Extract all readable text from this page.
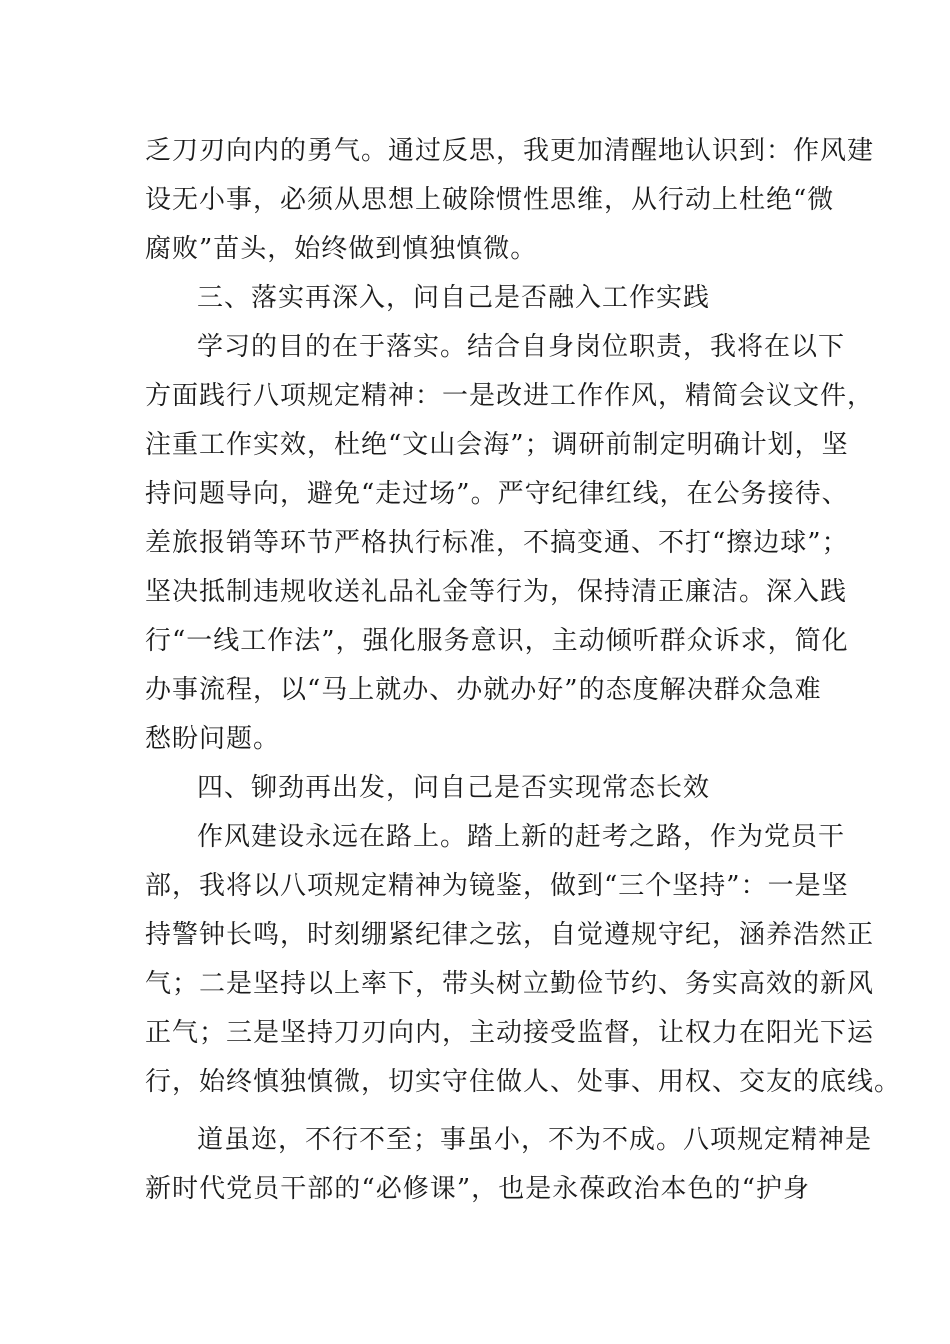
乏刀刃向内的勇气。通过反思，我更加清醒地认识到：作风建
设无小事，必须从思想上破除惯性思维，从行动上杜绝“微
腐败”苗头，始终做到慎独慎微。
三、落实再深入，问自己是否融入工作实践
学习的目的在于落实。结合自身岗位职责，我将在以下
方面践行八项规定精神：一是改进工作作风，精简会议文件，
注重工作实效，杜绝“文山会海”；调研前制定明确计划，坚
持问题导向，避免“走过场”。严守纪律红线，在公务接待、
差旅报销等环节严格执行标准，不搞变通、不打“擦边球”；
坚决抵制违规收送礼品礼金等行为，保持清正廉洁。深入践
行“一线工作法”，强化服务意识，主动倾听群众诉求，简化
办事流程，以“马上就办、办就办好”的态度解决群众急难
愁盼问题。
四、铆劲再出发，问自己是否实现常态长效
作风建设永远在路上。踏上新的赶考之路，作为党员干
部，我将以八项规定精神为镜鉴，做到“三个坚持”：一是坚
持警钟长鸣，时刻绷紧纪律之弦，自觉遵规守纪，涵养浩然正
气；二是坚持以上率下，带头树立勤俭节约、务实高效的新风
正气；三是坚持刀刃向内，主动接受监督，让权力在阳光下运
行，始终慎独慎微，切实守住做人、处事、用权、交友的底线。
道虽迩，不行不至；事虽小，不为不成。八项规定精神是
新时代党员干部的“必修课”，也是永葆政治本色的“护身
